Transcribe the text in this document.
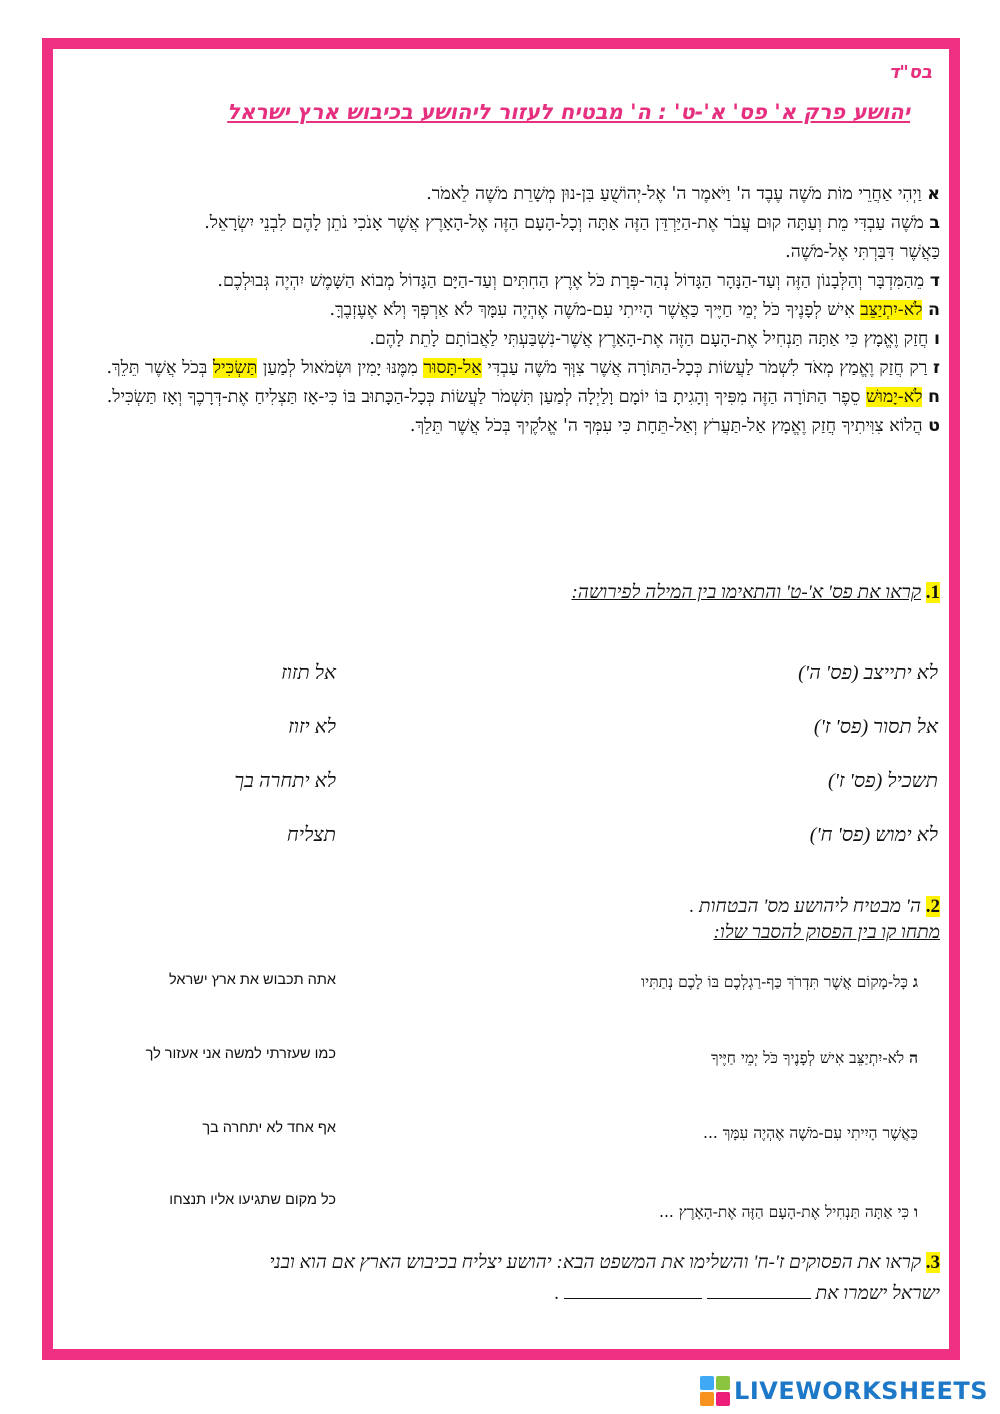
בס"ד
יהושע פרק א' פס' א'-ט' : ה' מבטיח לעזור ליהושע בכיבוש ארץ ישראל

א וַיְהִי אַחֲרֵי מוֹת מֹשֶׁה עֶבֶד ה' וַיֹּאמֶר ה' אֶל-יְהוֹשֻׁעַ בִּן-נוּן מְשָׁרֵת מֹשֶׁה לֵאמֹר.

ב מֹשֶׁה עַבְדִּי מֵת וְעַתָּה קוּם עֲבֹר אֶת-הַיַּרְדֵּן הַזֶּה אַתָּה וְכָל-הָעָם הַזֶּה אֶל-הָאָרֶץ אֲשֶׁר אָנֹכִי נֹתֵן לָהֶם לִבְנֵי יִשְׂרָאֵל.

כַּאֲשֶׁר דִּבַּרְתִּי אֶל-מֹשֶׁה.

ד מֵהַמִּדְבָּר וְהַלְּבָנוֹן הַזֶּה וְעַד-הַנָּהָר הַגָּדוֹל נְהַר-פְּרָת כֹּל אֶרֶץ הַחִתִּים וְעַד-הַיָּם הַגָּדוֹל מְבוֹא הַשָּׁמֶשׁ יִהְיֶה גְּבוּלְכֶם.

ה לֹא-יִתְיַצֵּב אִישׁ לְפָנֶיךָ כֹּל יְמֵי חַיֶּיךָ כַּאֲשֶׁר הָיִיתִי עִם-מֹשֶׁה אֶהְיֶה עִמָּךְ לֹא אַרְפְּךָ וְלֹא אֶעֶזְבֶךָּ.

ו חֲזַק וֶאֱמָץ כִּי אַתָּה תַּנְחִיל אֶת-הָעָם הַזֶּה אֶת-הָאָרֶץ אֲשֶׁר-נִשְׁבַּעְתִּי לַאֲבוֹתָם לָתֵת לָהֶם.

ז רַק חֲזַק וֶאֱמַץ מְאֹד לִשְׁמֹר לַעֲשׂוֹת כְּכָל-הַתּוֹרָה אֲשֶׁר צִוְּךָ מֹשֶׁה עַבְדִּי אַל-תָּסוּר מִמֶּנּוּ יָמִין וּשְׂמֹאול לְמַעַן תַּשְׂכִּיל בְּכֹל אֲשֶׁר תֵּלֵךְ.

ח לֹא-יָמוּשׁ סֵפֶר הַתּוֹרָה הַזֶּה מִפִּיךָ וְהָגִיתָ בּוֹ יוֹמָם וָלַיְלָה לְמַעַן תִּשְׁמֹר לַעֲשׂוֹת כְּכָל-הַכָּתוּב בּוֹ כִּי-אָז תַּצְלִיחַ אֶת-דְּרָכֶךָ וְאָז תַּשְׂכִּיל.

ט הֲלוֹא צִוִּיתִיךָ חֲזַק וֶאֱמָץ אַל-תַּעֲרֹץ וְאַל-תֵּחָת כִּי עִמְּךָ ה' אֱלֹקֶיךָ בְּכֹל אֲשֶׁר תֵּלֵךְ.

1. קראו את פס' א'-ט' והתאימו בין המילה לפירושה:
לא יתייצב (פס' ה')
אל תסור (פס' ז')
תשכיל (פס' ז')
לא ימוש (פס' ח')
אל תזוז
לא יזוז
לא יתחרה בך
תצליח
2. ה' מבטיח ליהושע מס' הבטחות .
מתחו קו בין הפסוק להסבר שלו:
ג כָּל-מָקוֹם אֲשֶׁר תִּדְרֹךְ כַּף-רַגְלְכֶם בּוֹ לָכֶם נְתַתִּיו
ה לֹא-יִתְיַצֵּב אִישׁ לְפָנֶיךָ כֹּל יְמֵי חַיֶּיךָ
כַּאֲשֶׁר הָיִיתִי עִם-מֹשֶׁה אֶהְיֶה עִמָּךְ ...
ו כִּי אַתָּה תַּנְחִיל אֶת-הָעָם הַזֶּה אֶת-הָאָרֶץ ...
אתה תכבוש את ארץ ישראל
כמו שעזרתי למשה אני אעזור לך
אף אחד לא יתחרה בך
כל מקום שתגיעו אליו תנצחו
3. קראו את הפסוקים ז'-ח' והשלימו את המשפט הבא: יהושע יצליח בכיבוש הארץ אם הוא ובני
ישראל ישמרו את   .
LIVEWORKSHEETS
